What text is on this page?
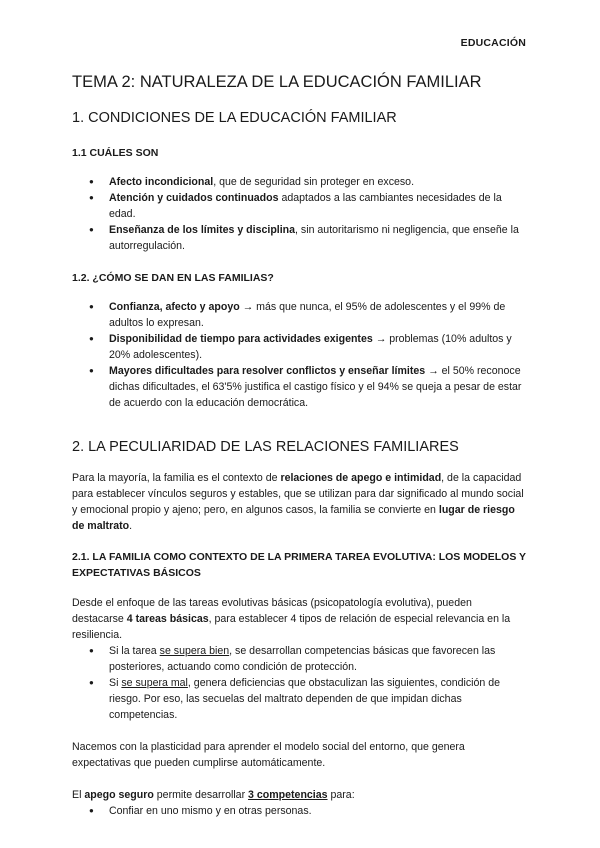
EDUCACIÓN
TEMA 2: NATURALEZA DE LA EDUCACIÓN FAMILIAR
1. CONDICIONES DE LA EDUCACIÓN FAMILIAR
1.1 CUÁLES SON
● Afecto incondicional, que de seguridad sin proteger en exceso.
● Atención y cuidados continuados adaptados a las cambiantes necesidades de la edad.
● Enseñanza de los límites y disciplina, sin autoritarismo ni negligencia, que enseñe la autorregulación.
1.2. ¿CÓMO SE DAN EN LAS FAMILIAS?
● Confianza, afecto y apoyo → más que nunca, el 95% de adolescentes y el 99% de adultos lo expresan.
● Disponibilidad de tiempo para actividades exigentes → problemas (10% adultos y 20% adolescentes).
● Mayores dificultades para resolver conflictos y enseñar límites → el 50% reconoce dichas dificultades, el 63'5% justifica el castigo físico y el 94% se queja a pesar de estar de acuerdo con la educación democrática.
2. LA PECULIARIDAD DE LAS RELACIONES FAMILIARES

Para la mayoría, la familia es el contexto de relaciones de apego e intimidad, de la capacidad para establecer vínculos seguros y estables, que se utilizan para dar significado al mundo social y emocional propio y ajeno; pero, en algunos casos, la familia se convierte en lugar de riesgo de maltrato.

2.1. LA FAMILIA COMO CONTEXTO DE LA PRIMERA TAREA EVOLUTIVA: LOS MODELOS Y EXPECTATIVAS BÁSICOS

Desde el enfoque de las tareas evolutivas básicas (psicopatología evolutiva), pueden destacarse 4 tareas básicas, para establecer 4 tipos de relación de especial relevancia en la resiliencia.

● Si la tarea se supera bien, se desarrollan competencias básicas que favorecen las posteriores, actuando como condición de protección.
● Si se supera mal, genera deficiencias que obstaculizan las siguientes, condición de riesgo. Por eso, las secuelas del maltrato dependen de que impidan dichas competencias.

Nacemos con la plasticidad para aprender el modelo social del entorno, que genera expectativas que pueden cumplirse automáticamente.

El apego seguro permite desarrollar 3 competencias para:

● Confiar en uno mismo y en otras personas.
